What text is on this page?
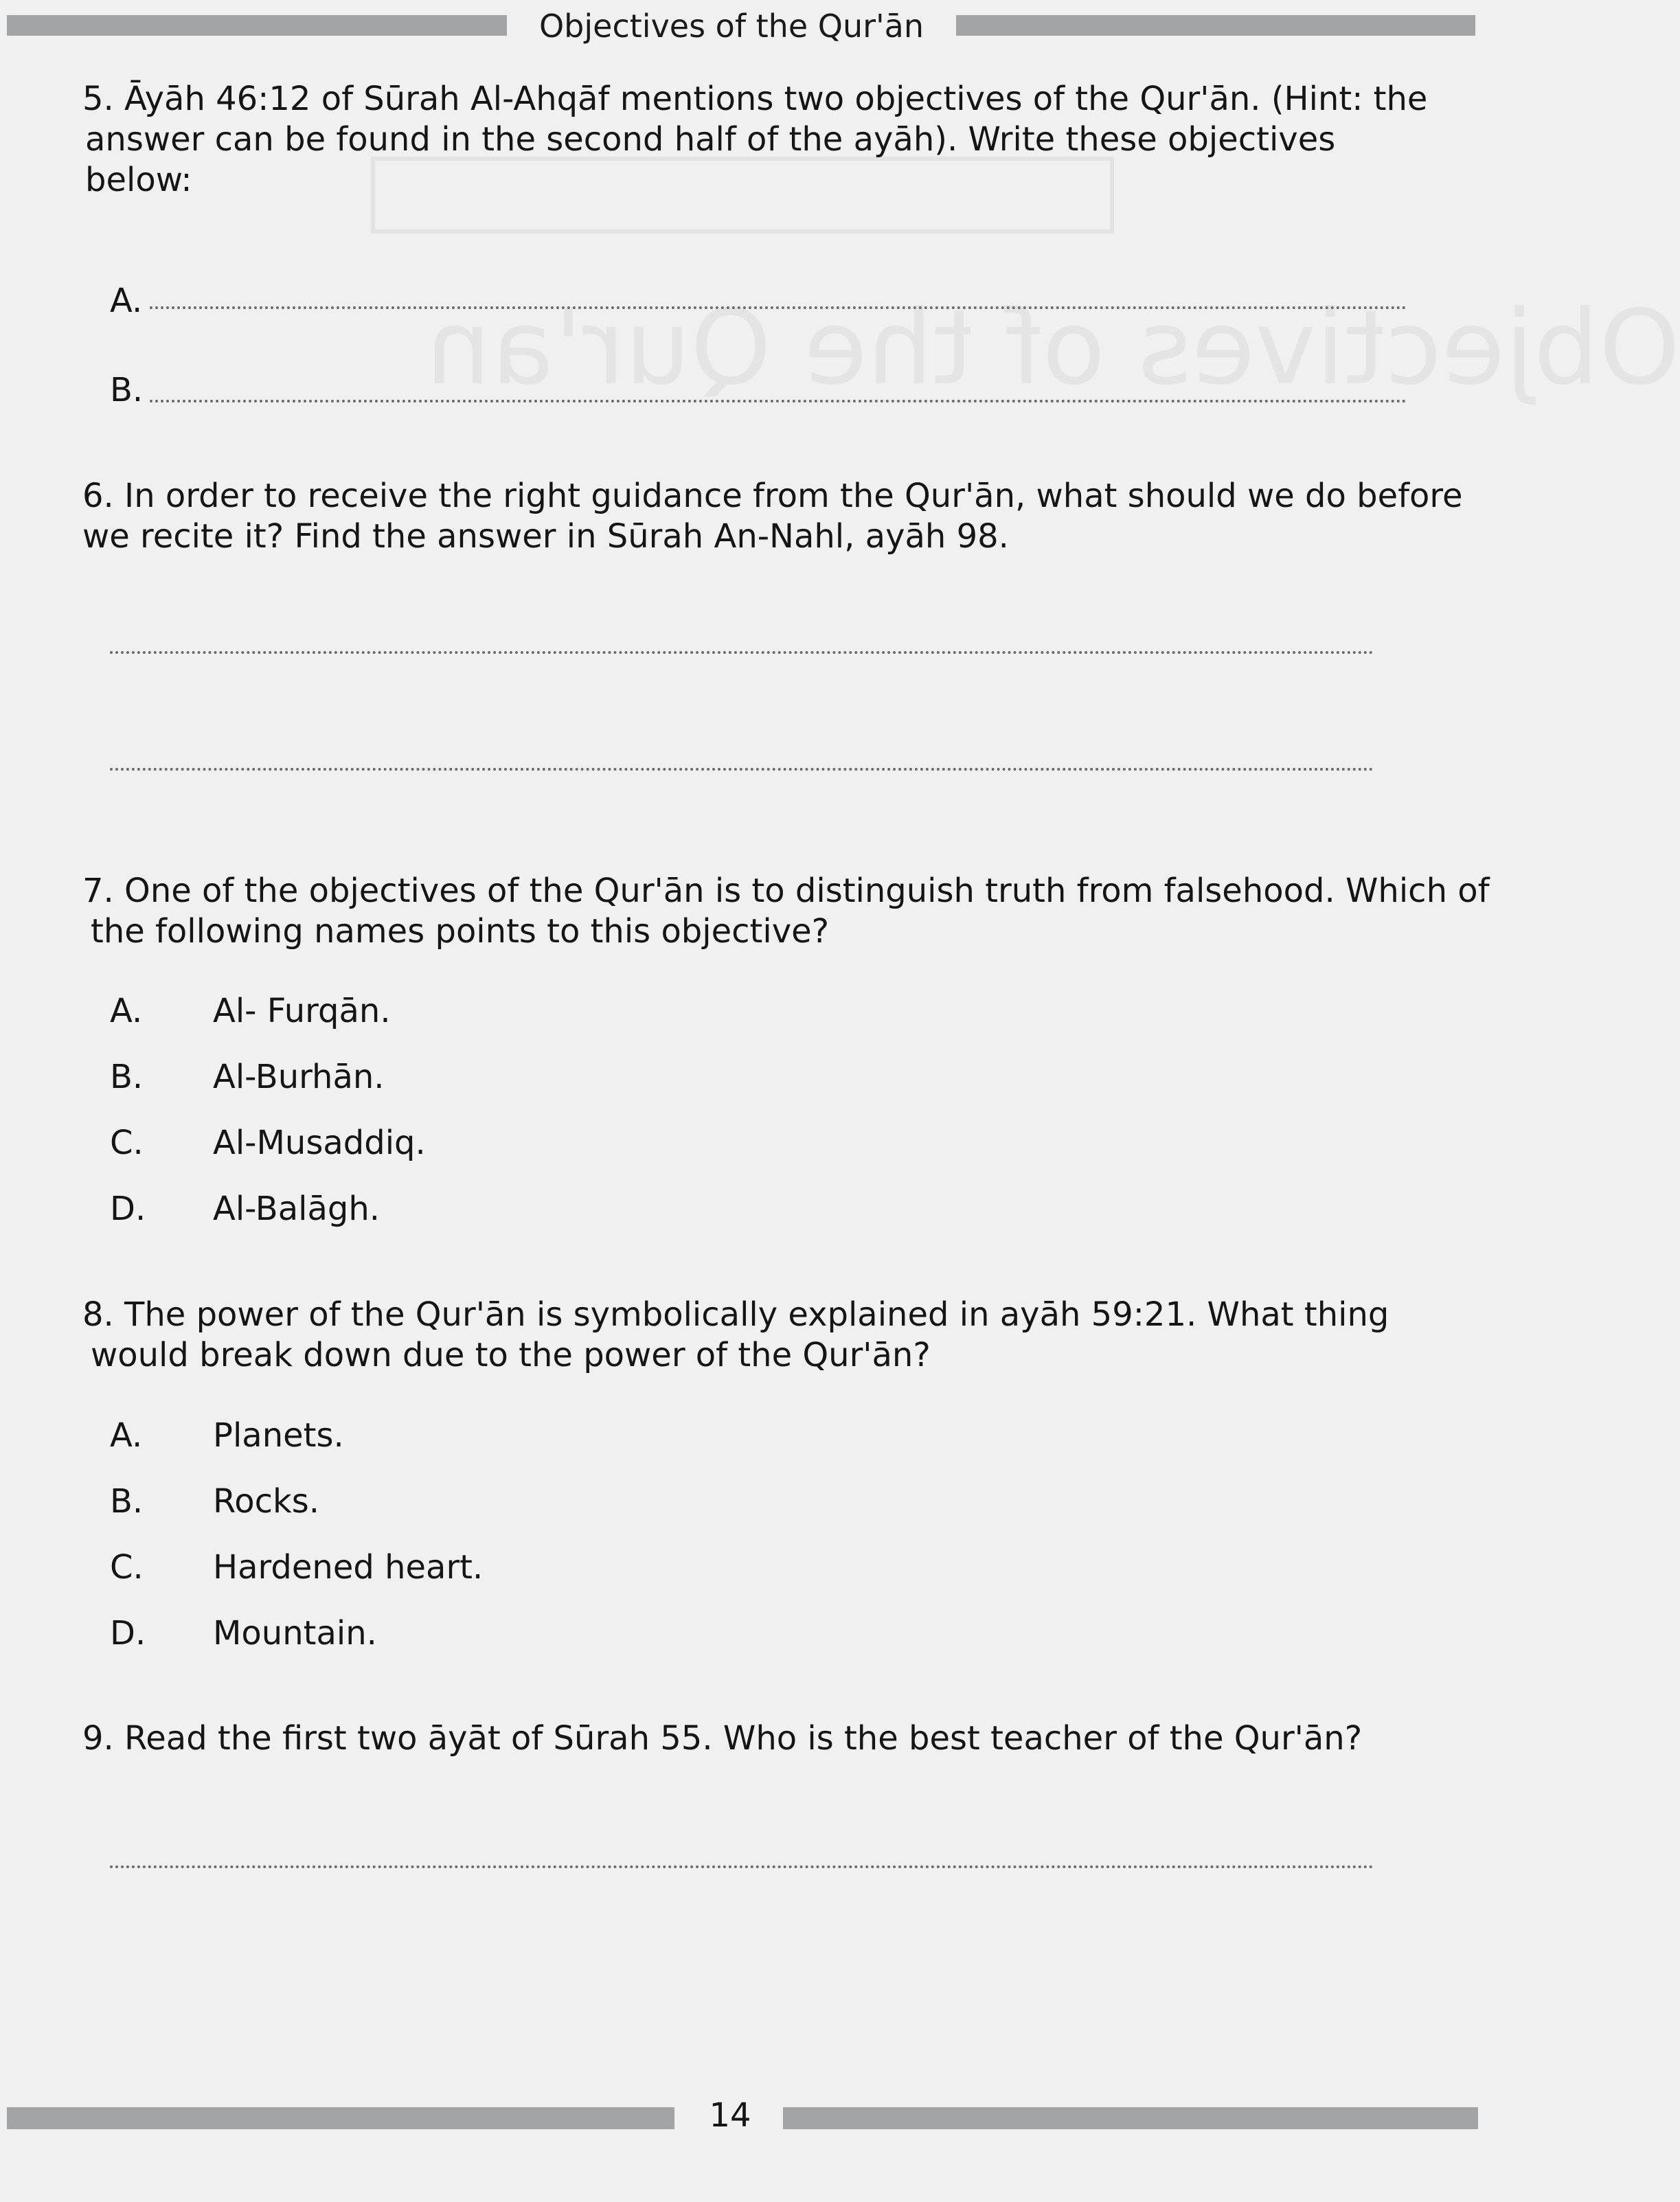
Objectives of the Qur'an
Objectives of the Qur'ān
5. Āyāh 46:12 of Sūrah Al-Ahqāf mentions two objectives of the Qur'ān. (Hint: the
answer can be found in the second half of the ayāh). Write these objectives
below:
A.
B.
6. In order to receive the right guidance from the Qur'ān, what should we do before
we recite it? Find the answer in Sūrah An-Nahl, ayāh 98.
7. One of the objectives of the Qur'ān is to distinguish truth from falsehood. Which of
the following names points to this objective?
A. Al- Furqān.
B. Al-Burhān.
C. Al-Musaddiq.
D. Al-Balāgh.
8. The power of the Qur'ān is symbolically explained in ayāh 59:21. What thing
would break down due to the power of the Qur'ān?
A. Planets.
B. Rocks.
C. Hardened heart.
D. Mountain.
9. Read the first two āyāt of Sūrah 55. Who is the best teacher of the Qur'ān?
14
